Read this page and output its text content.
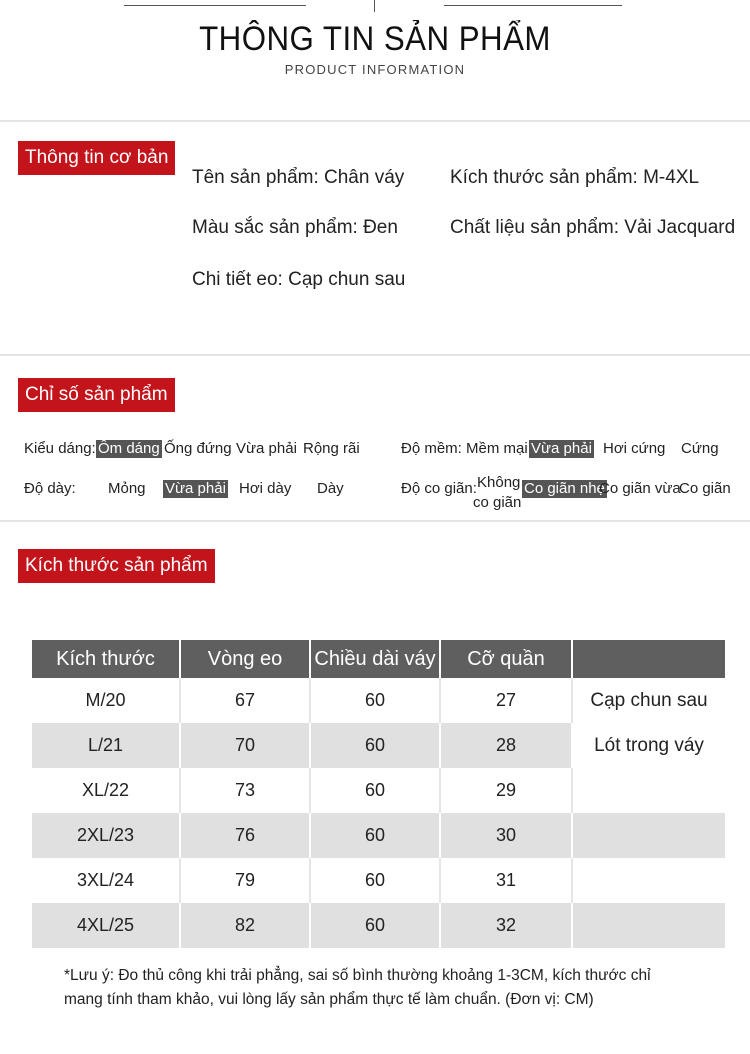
THÔNG TIN SẢN PHẨM
PRODUCT INFORMATION
Thông tin cơ bản
Tên sản phẩm: Chân váy Kích thước sản phẩm: M-4XL
Màu sắc sản phẩm: Đen	Chất liệu sản phẩm: Vải Jacquard
Chi tiết eo: Cạp chun sau
Chỉ số sản phẩm
Kiểu dáng: Ôm dáng Ống đứng Vừa phải Rộng rãi	Độ mềm: Mềm mại Vừa phải Hơi cứng Cứng
Độ dày: Mỏng Vừa phải Hơi dày Dày	Độ co giãn: Không
co giãn
Co giãn nhẹ
Co giãn vừa
Co giãn
Kích thước sản phẩm
Kích thước	Vòng eo	Chiều dài váy	Cỡ quần	
M/20	67	60	27	Cạp chun sau
L/21	70	60	28	Lót trong váy
XL/22	73	60	29	
2XL/23	76	60	30	
3XL/24	79	60	31	
4XL/25	82	60	32	
*Lưu ý: Đo thủ công khi trải phẳng, sai số bình thường khoảng 1-3CM, kích thước chỉ
mang tính tham khảo, vui lòng lấy sản phẩm thực tế làm chuẩn. (Đơn vị: CM)
